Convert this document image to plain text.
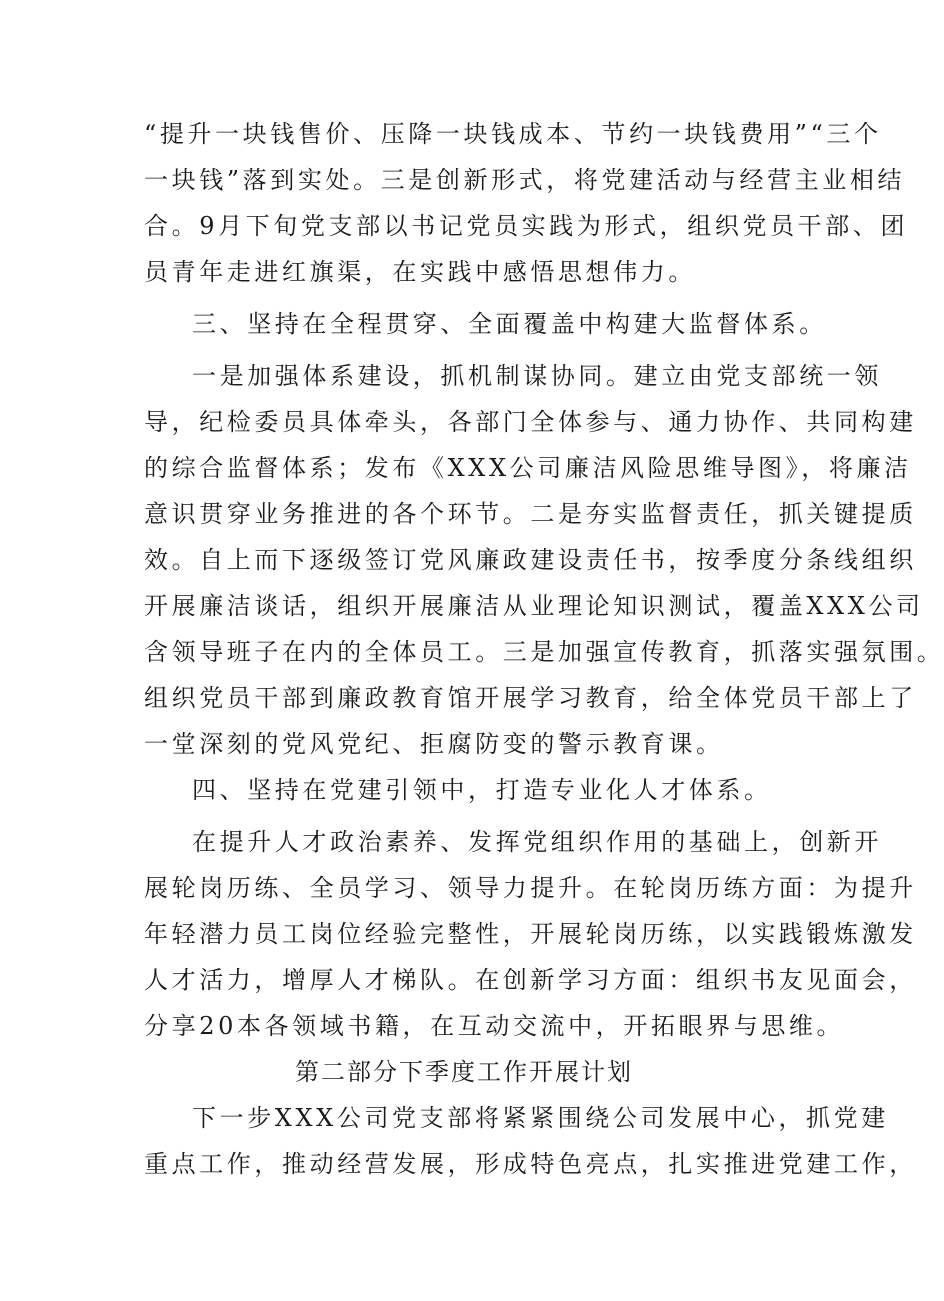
“提升一块钱售价、压降一块钱成本、节约一块钱费用”“三个
一块钱”落到实处。三是创新形式，将党建活动与经营主业相结
合。9月下旬党支部以书记党员实践为形式，组织党员干部、团
员青年走进红旗渠，在实践中感悟思想伟力。
三、坚持在全程贯穿、全面覆盖中构建大监督体系。
一是加强体系建设，抓机制谋协同。建立由党支部统一领
导，纪检委员具体牵头，各部门全体参与、通力协作、共同构建
的综合监督体系；发布《XXX公司廉洁风险思维导图》，将廉洁
意识贯穿业务推进的各个环节。二是夯实监督责任，抓关键提质
效。自上而下逐级签订党风廉政建设责任书，按季度分条线组织
开展廉洁谈话，组织开展廉洁从业理论知识测试，覆盖XXX公司
含领导班子在内的全体员工。三是加强宣传教育，抓落实强氛围。
组织党员干部到廉政教育馆开展学习教育，给全体党员干部上了
一堂深刻的党风党纪、拒腐防变的警示教育课。
四、坚持在党建引领中，打造专业化人才体系。
在提升人才政治素养、发挥党组织作用的基础上，创新开
展轮岗历练、全员学习、领导力提升。在轮岗历练方面：为提升
年轻潜力员工岗位经验完整性，开展轮岗历练，以实践锻炼激发
人才活力，增厚人才梯队。在创新学习方面：组织书友见面会，
分享20本各领域书籍，在互动交流中，开拓眼界与思维。
第二部分下季度工作开展计划
下一步XXX公司党支部将紧紧围绕公司发展中心，抓党建
重点工作，推动经营发展，形成特色亮点，扎实推进党建工作，
